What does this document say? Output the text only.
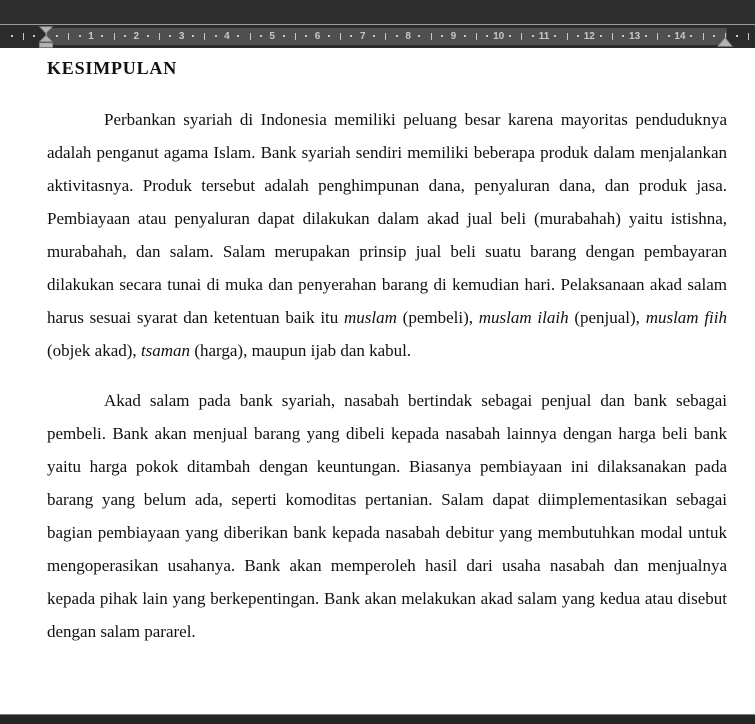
1	2	3	4	5	6	7	8	9	10	11	12	13	14
KESIMPULAN

Perbankan syariah di Indonesia memiliki peluang besar karena mayoritas penduduknya adalah penganut agama Islam. Bank syariah sendiri memiliki beberapa produk dalam menjalankan aktivitasnya. Produk tersebut adalah penghimpunan dana, penyaluran dana, dan produk jasa. Pembiayaan atau penyaluran dapat dilakukan dalam akad jual beli (murabahah) yaitu istishna, murabahah, dan salam. Salam merupakan prinsip jual beli suatu barang dengan pembayaran dilakukan secara tunai di muka dan penyerahan barang di kemudian hari. Pelaksanaan akad salam harus sesuai syarat dan ketentuan baik itu muslam (pembeli), muslam ilaih (penjual), muslam fiih (objek akad), tsaman (harga), maupun ijab dan kabul.

Akad salam pada bank syariah, nasabah bertindak sebagai penjual dan bank sebagai pembeli. Bank akan menjual barang yang dibeli kepada nasabah lainnya dengan harga beli bank yaitu harga pokok ditambah dengan keuntungan. Biasanya pembiayaan ini dilaksanakan pada barang yang belum ada, seperti komoditas pertanian. Salam dapat diimplementasikan sebagai bagian pembiayaan yang diberikan bank kepada nasabah debitur yang membutuhkan modal untuk mengoperasikan usahanya. Bank akan memperoleh hasil dari usaha nasabah dan menjualnya kepada pihak lain yang berkepentingan. Bank akan melakukan akad salam yang kedua atau disebut dengan salam pararel.
